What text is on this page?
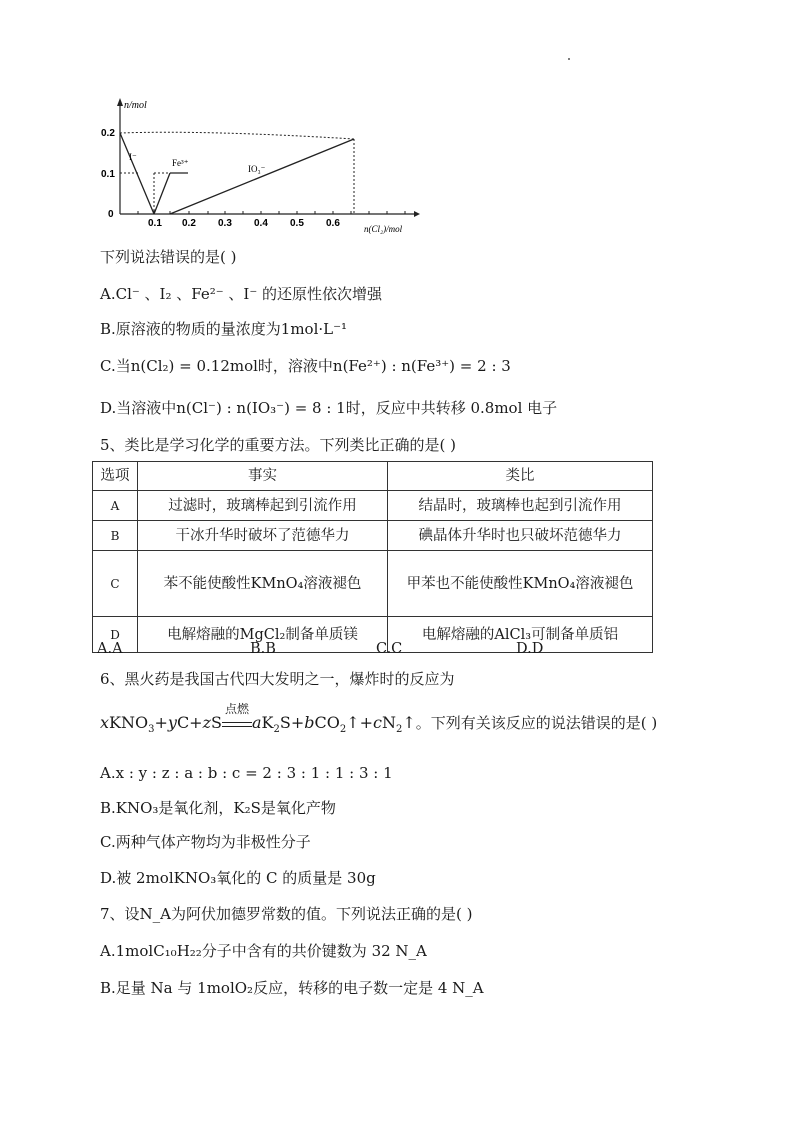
n/mol
n(Cl₂)/mol
0.2
0.1
0
0.1 0.2 0.3 0.4 0.5 0.6
I⁻
Fe³⁺
IO₃⁻
下列说法错误的是( )
A.Cl⁻ 、I₂ 、Fe²⁻ 、I⁻ 的还原性依次增强
B.原溶液的物质的量浓度为1mol·L⁻¹
C.当n(Cl₂) = 0.12mol时，溶液中n(Fe²⁺) : n(Fe³⁺) = 2 : 3
D.当溶液中n(Cl⁻) : n(IO₃⁻) = 8 : 1时，反应中共转移 0.8mol 电子
5、类比是学习化学的重要方法。下列类比正确的是( )
选项	事实	类比
A	过滤时，玻璃棒起到引流作用	结晶时，玻璃棒也起到引流作用
B	干冰升华时破坏了范德华力	碘晶体升华时也只破坏范德华力
C	苯不能使酸性KMnO₄溶液褪色	甲苯也不能使酸性KMnO₄溶液褪色
D	电解熔融的MgCl₂制备单质镁	电解熔融的AlCl₃可制备单质铝
A.A	B.B	C.C	D.D
6、黑火药是我国古代四大发明之一，爆炸时的反应为
xKNO$_3$+yC+zS
点燃
$aK_2S+bCO_2↑+cN_2↑$。下列有关该反应的说法错误的是( )
A.x : y : z : a : b : c = 2 : 3 : 1 : 1 : 3 : 1
B.KNO₃是氧化剂，K₂S是氧化产物
C.两种气体产物均为非极性分子
D.被 2molKNO₃氧化的 C 的质量是 30g
7、设N_A为阿伏加德罗常数的值。下列说法正确的是( )
A.1molC₁₀H₂₂分子中含有的共价键数为 32 N_A
B.足量 Na 与 1molO₂反应，转移的电子数一定是 4 N_A
